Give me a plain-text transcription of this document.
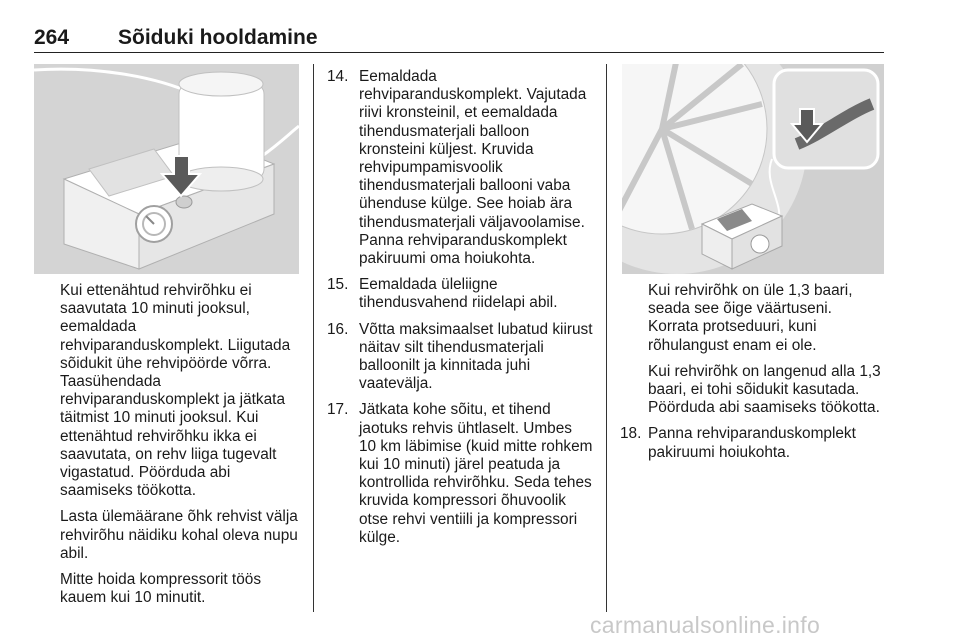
264 Sõiduki hooldamine

Kui ettenähtud rehvirõhku ei saavutata 10 minuti jooksul, eemaldada rehviparanduskomplekt. Liigutada sõidukit ühe rehvipöörde võrra. Taasühendada rehviparanduskomplekt ja jätkata täitmist 10 minuti jooksul. Kui ettenähtud rehvirõhku ikka ei saavutata, on rehv liiga tugevalt vigastatud. Pöörduda abi saamiseks töökotta.

Lasta ülemäärane õhk rehvist välja rehvirõhu näidiku kohal oleva nupu abil.

Mitte hoida kompressorit töös kauem kui 10 minutit.

14. Eemaldada rehviparanduskomplekt. Vajutada riivi kronsteinil, et eemaldada tihendusmaterjali balloon kronsteini küljest. Kruvida rehvipumpamisvoolik tihendusmaterjali ballooni vaba ühenduse külge. See hoiab ära tihendusmaterjali väljavoolamise. Panna rehviparanduskomplekt pakiruumi oma hoiukohta.
15. Eemaldada üleliigne tihendusvahend riidelapi abil.
16. Võtta maksimaalset lubatud kiirust näitav silt tihendusmaterjali balloonilt ja kinnitada juhi vaatevälja.
17. Jätkata kohe sõitu, et tihend jaotuks rehvis ühtlaselt. Umbes 10 km läbimise (kuid mitte rohkem kui 10 minuti) järel peatuda ja kontrollida rehvirõhku. Seda tehes kruvida kompressori õhuvoolik otse rehvi ventiili ja kompressori külge.

Kui rehvirõhk on üle 1,3 baari, seada see õige väärtuseni. Korrata protseduuri, kuni rõhulangust enam ei ole.

Kui rehvirõhk on langenud alla 1,3 baari, ei tohi sõidukit kasutada. Pöörduda abi saamiseks töökotta.

18. Panna rehviparanduskomplekt pakiruumi hoiukohta.
carmanualsonline.info
